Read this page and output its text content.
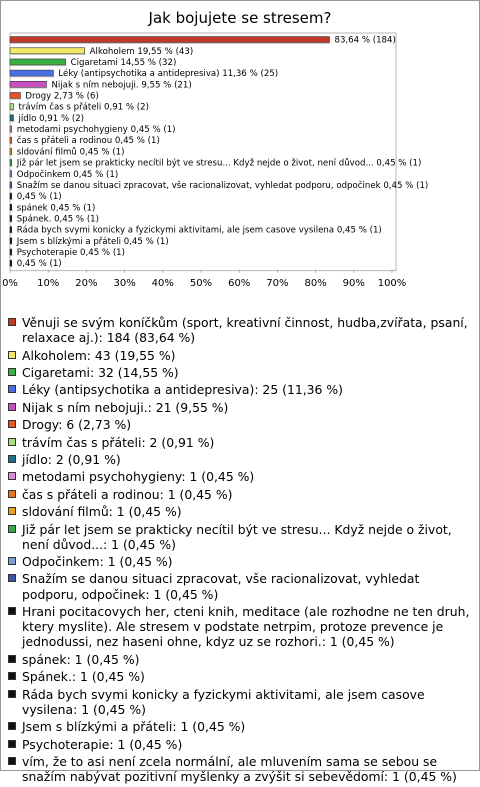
Jak bojujete se stresem?
83,64 % (184)
Alkoholem 19,55 % (43)
Cigaretami 14,55 % (32)
Léky (antipsychotika a antidepresiva) 11,36 % (25)
Nijak s ním nebojuji. 9,55 % (21)
Drogy 2,73 % (6)
trávím čas s přáteli 0,91 % (2)
jídlo 0,91 % (2)
metodami psychohygieny 0,45 % (1)
čas s přáteli a rodinou 0,45 % (1)
sldování filmů 0,45 % (1)
Již pár let jsem se prakticky necítil být ve stresu... Když nejde o život, není důvod... 0,45 % (1)
Odpočinkem 0,45 % (1)
Snažím se danou situaci zpracovat, vše racionalizovat, vyhledat podporu, odpočinek 0,45 % (1)
0,45 % (1)
spánek 0,45 % (1)
Spánek. 0,45 % (1)
Ráda bych svymi konicky a fyzickymi aktivitami, ale jsem casove vysilena 0,45 % (1)
Jsem s blízkými a přáteli 0,45 % (1)
Psychoterapie 0,45 % (1)
0,45 % (1)
0% 10% 20% 30% 40% 50% 60% 70% 80% 90% 100%
Věnuji se svým koníčkům (sport, kreativní činnost, hudba,zvířata, psaní, relaxace aj.): 184 (83,64 %)
Alkoholem: 43 (19,55 %)
Cigaretami: 32 (14,55 %)
Léky (antipsychotika a antidepresiva): 25 (11,36 %)
Nijak s ním nebojuji.: 21 (9,55 %)
Drogy: 6 (2,73 %)
trávím čas s přáteli: 2 (0,91 %)
jídlo: 2 (0,91 %)
metodami psychohygieny: 1 (0,45 %)
čas s přáteli a rodinou: 1 (0,45 %)
sldování filmů: 1 (0,45 %)
Již pár let jsem se prakticky necítil být ve stresu... Když nejde o život, není důvod...: 1 (0,45 %)
Odpočinkem: 1 (0,45 %)
Snažím se danou situaci zpracovat, vše racionalizovat, vyhledat podporu, odpočinek: 1 (0,45 %)
Hrani pocitacovych her, cteni knih, meditace (ale rozhodne ne ten druh, ktery myslite). Ale stresem v podstate netrpim, protoze prevence je jednodussi, nez haseni ohne, kdyz uz se rozhori.: 1 (0,45 %)
spánek: 1 (0,45 %)
Spánek.: 1 (0,45 %)
Ráda bych svymi konicky a fyzickymi aktivitami, ale jsem casove vysilena: 1 (0,45 %)
Jsem s blízkými a přáteli: 1 (0,45 %)
Psychoterapie: 1 (0,45 %)
vím, že to asi není zcela normální, ale mluvením sama se sebou se snažím nabývat pozitivní myšlenky a zvýšit si sebevědomí: 1 (0,45 %)
